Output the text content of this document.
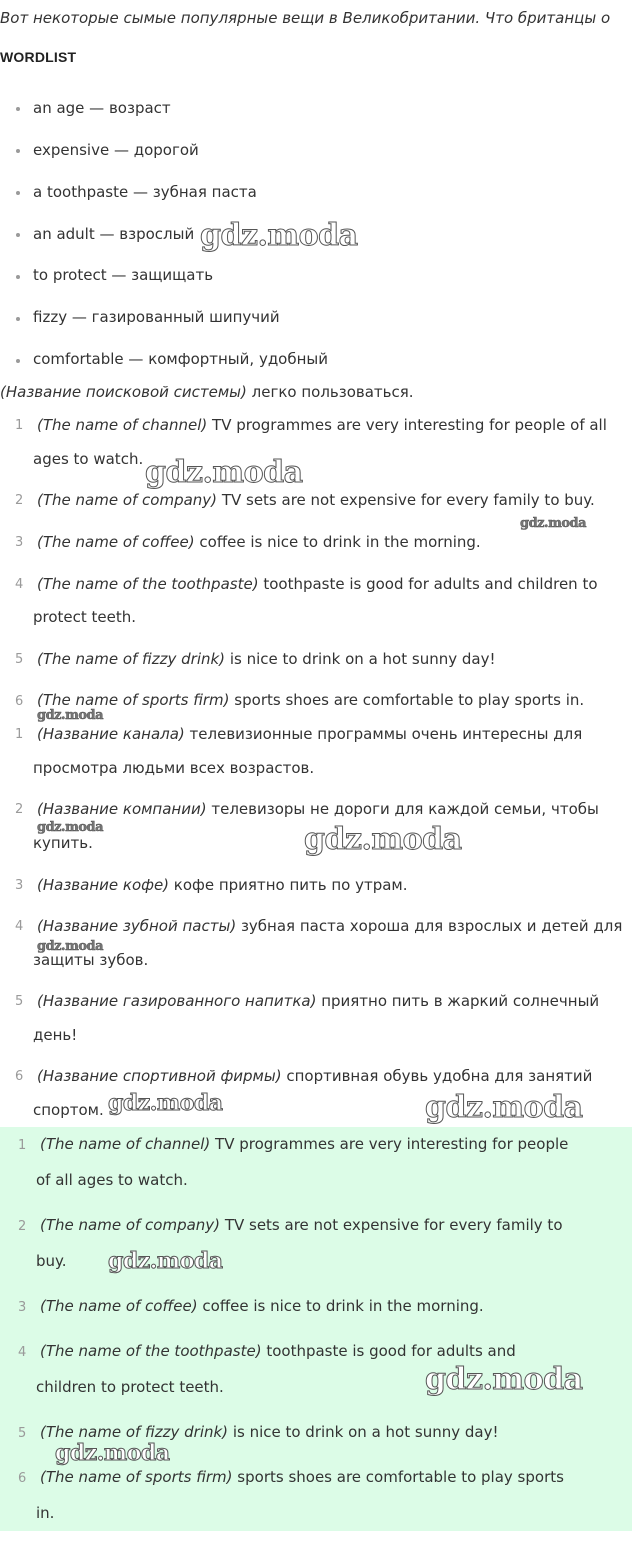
Вот некоторые сымые популярные вещи в Великобритании. Что британцы о
WORDLIST
an age — возраст
expensive — дорогой
a toothpaste — зубная паста
an adult — взрослый
to protect — защищать
fizzy — газированный шипучий
comfortable — комфортный, удобный
(Название поисковой системы) легко пользоваться.
1 (The name of channel) TV programmes are very interesting for people of all
ages to watch.
2 (The name of company) TV sets are not expensive for every family to buy.
3 (The name of coffee) coffee is nice to drink in the morning.
4 (The name of the toothpaste) toothpaste is good for adults and children to
protect teeth.
5 (The name of fizzy drink) is nice to drink on a hot sunny day!
6 (The name of sports firm) sports shoes are comfortable to play sports in.
1 (Название канала) телевизионные программы очень интересны для
просмотра людьми всех возрастов.
2 (Название компании) телевизоры не дороги для каждой семьи, чтобы
купить.
3 (Название кофе) кофе приятно пить по утрам.
4 (Название зубной пасты) зубная паста хороша для взрослых и детей для
защиты зубов.
5 (Название газированного напитка) приятно пить в жаркий солнечный
день!
6 (Название спортивной фирмы) спортивная обувь удобна для занятий
спортом.
1 (The name of channel) TV programmes are very interesting for people
of all ages to watch.
2 (The name of company) TV sets are not expensive for every family to
buy.
3 (The name of coffee) coffee is nice to drink in the morning.
4 (The name of the toothpaste) toothpaste is good for adults and
children to protect teeth.
5 (The name of fizzy drink) is nice to drink on a hot sunny day!
6 (The name of sports firm) sports shoes are comfortable to play sports
in.
gdz.moda
gdz.moda
gdz.moda
gdz.moda
gdz.moda	gdz.moda
gdz.moda
gdz.moda	gdz.moda
gdz.moda
gdz.moda
gdz.moda
